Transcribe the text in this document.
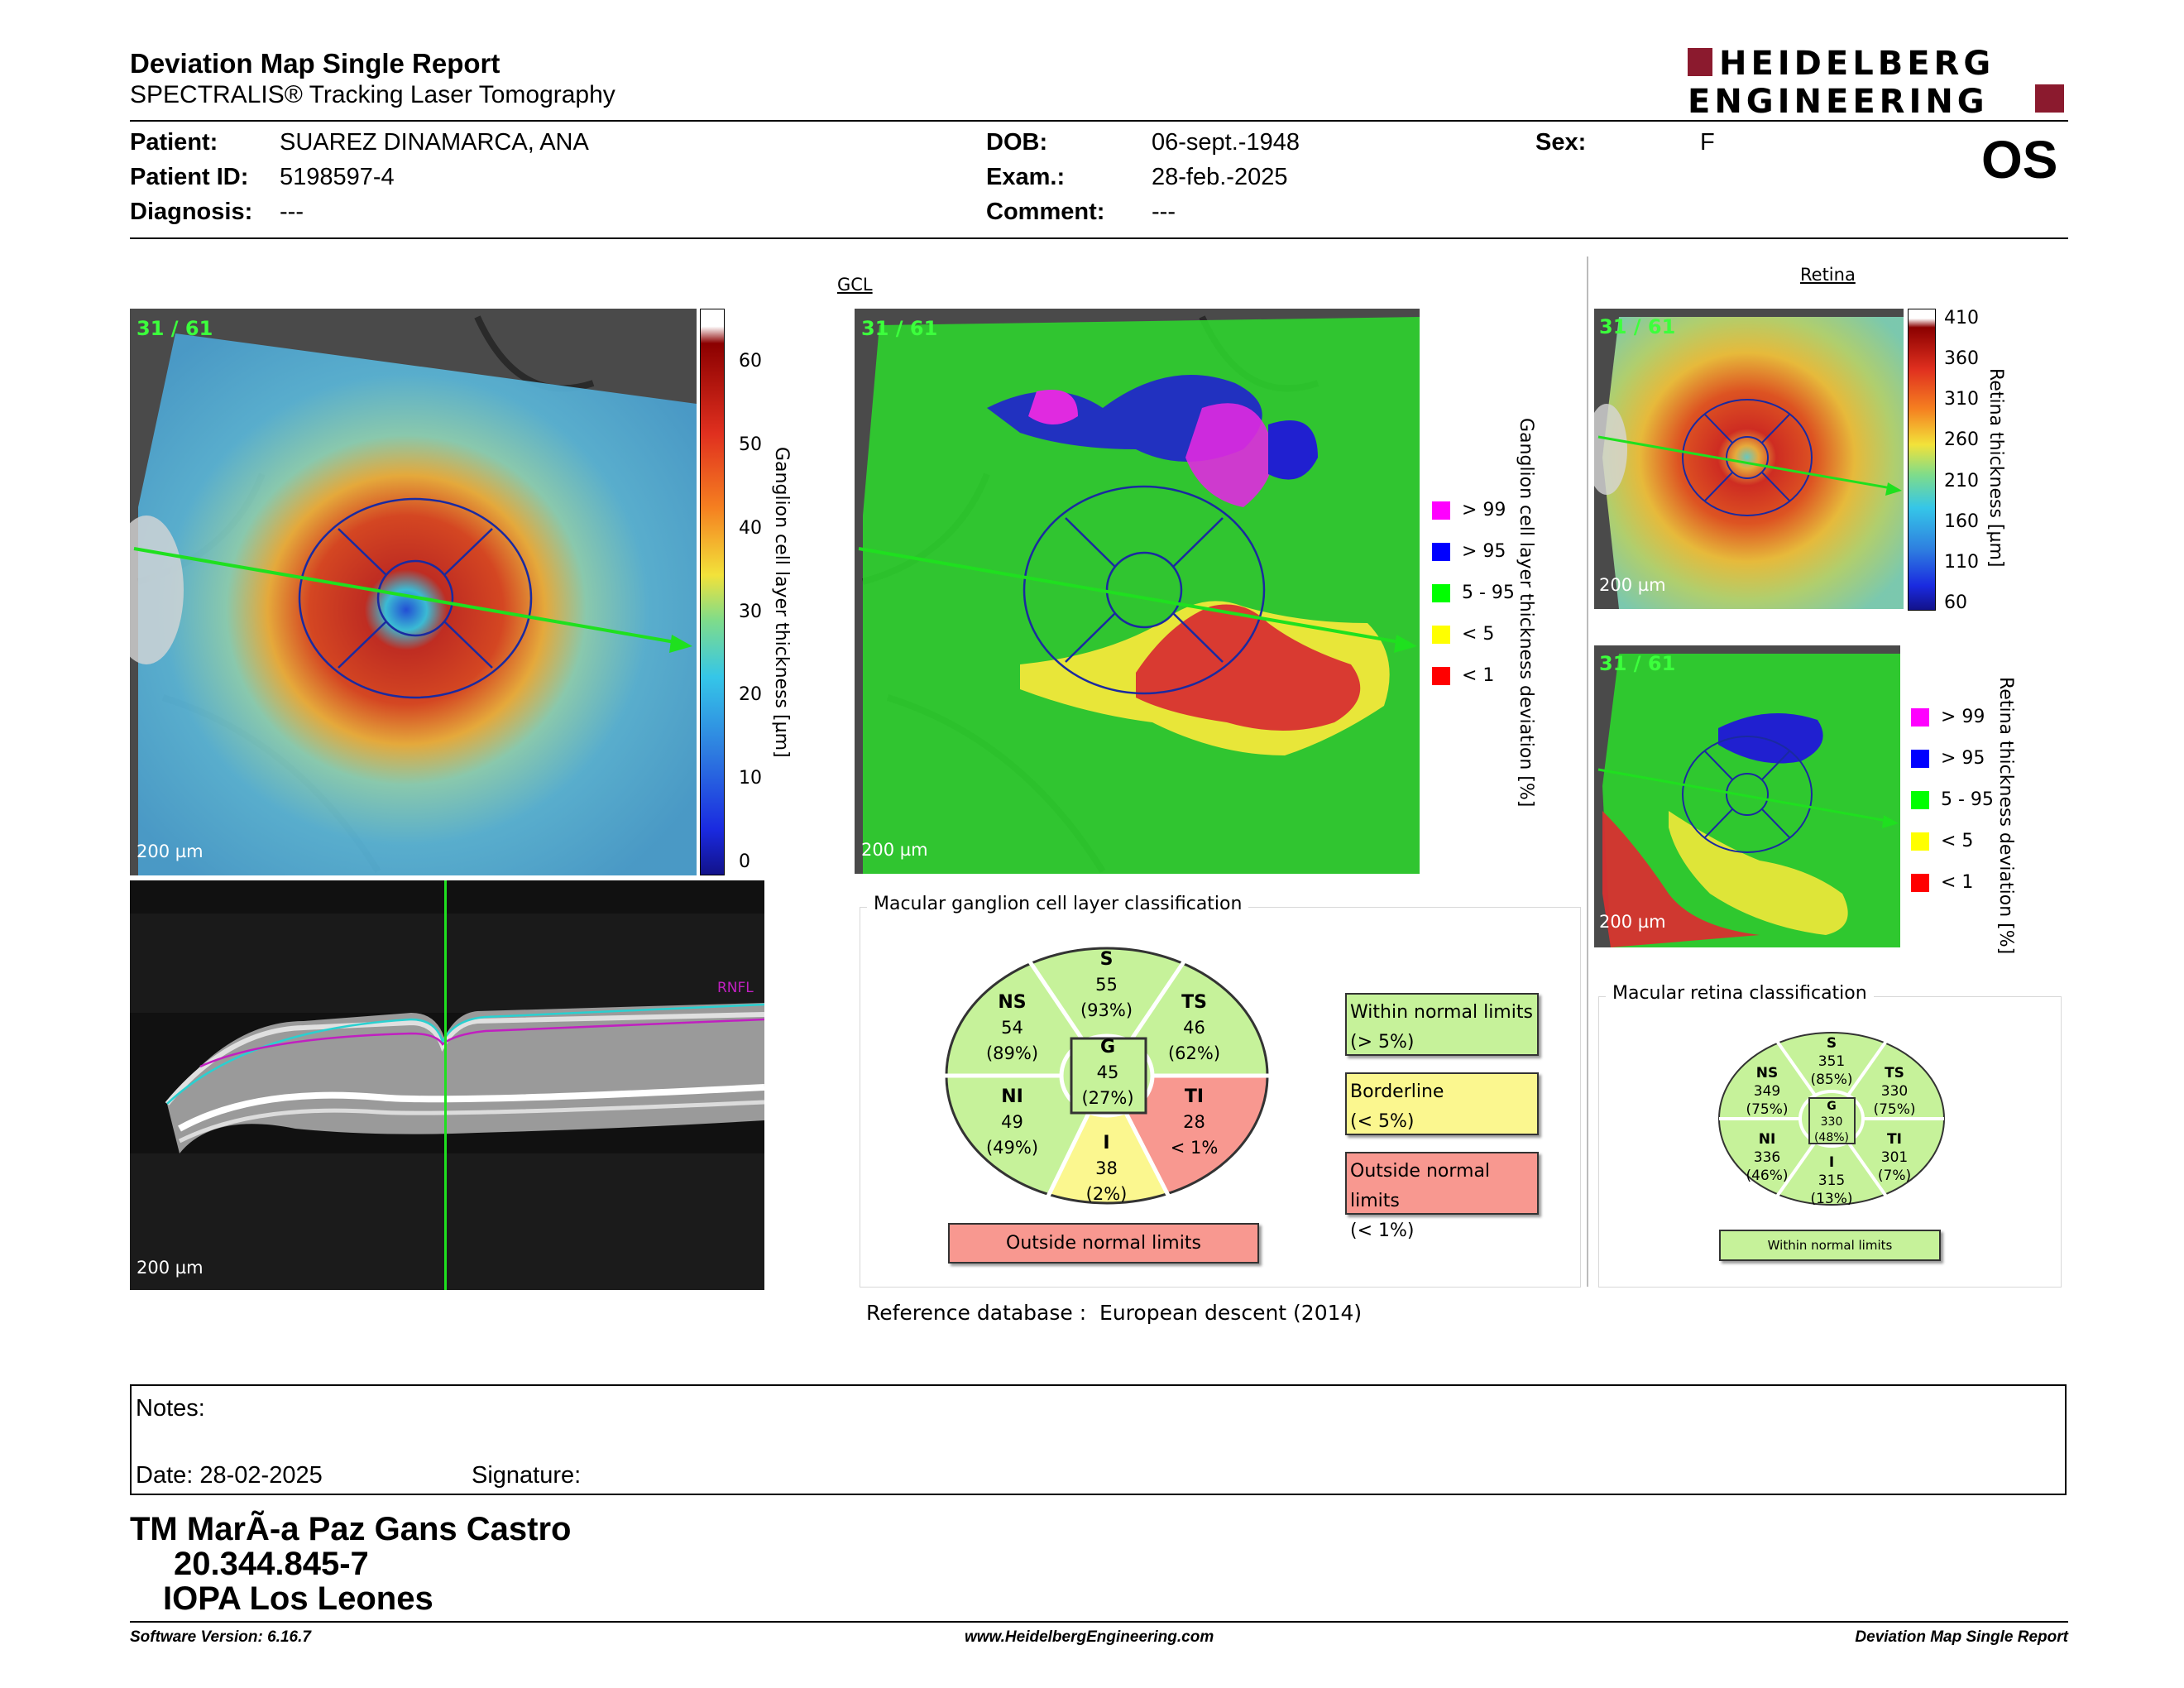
Deviation Map Single Report
SPECTRALIS® Tracking Laser Tomography
HEIDELBERG
ENGINEERING
Patient:	SUAREZ DINAMARCA, ANA
Patient ID: 5198597-4
Diagnosis: ---
DOB:	06-sept.-1948
Exam.:	28-feb.-2025
Comment: ---
Sex:	F	OS
31 / 61
200 µm
60
50
40
30
20
10
0
Ganglion cell layer thickness [µm]
RNFL
200 µm
GCL
31 / 61
200 µm
Ganglion cell layer thickness deviation [%]
> 99
> 95
5 - 95
< 5
< 1
Retina
31 / 61
200 µm
410
360
310
260
210
160
110
60
Retina thickness [µm]
31 / 61
200 µm	Retina thickness deviation [%]
> 99
> 95
5 - 95
< 5
< 1
Macular ganglion cell layer classification
S
55
(93%)
NS
54
(89%)
TS
46
(62%)
G
45
(27%)
NI
49
(49%)
TI
28
< 1%
I
38
(2%)
Outside normal limits
Within normal limits
(> 5%)
Borderline
(< 5%)
Outside normal limits
(< 1%)
Reference database : European descent (2014)
Macular retina classification
S
351
(85%)
NS
349
(75%)
TS
330
(75%)
G
330
(48%)
NI
336
(46%)
TI
301
(7%)
I
315
(13%)
Within normal limits
Notes:
Date: 28-02-2025	Signature:
TM MarÃ-a Paz Gans Castro
20.344.845-7
IOPA Los Leones
Software Version: 6.16.7	www.HeidelbergEngineering.com	Deviation Map Single Report
